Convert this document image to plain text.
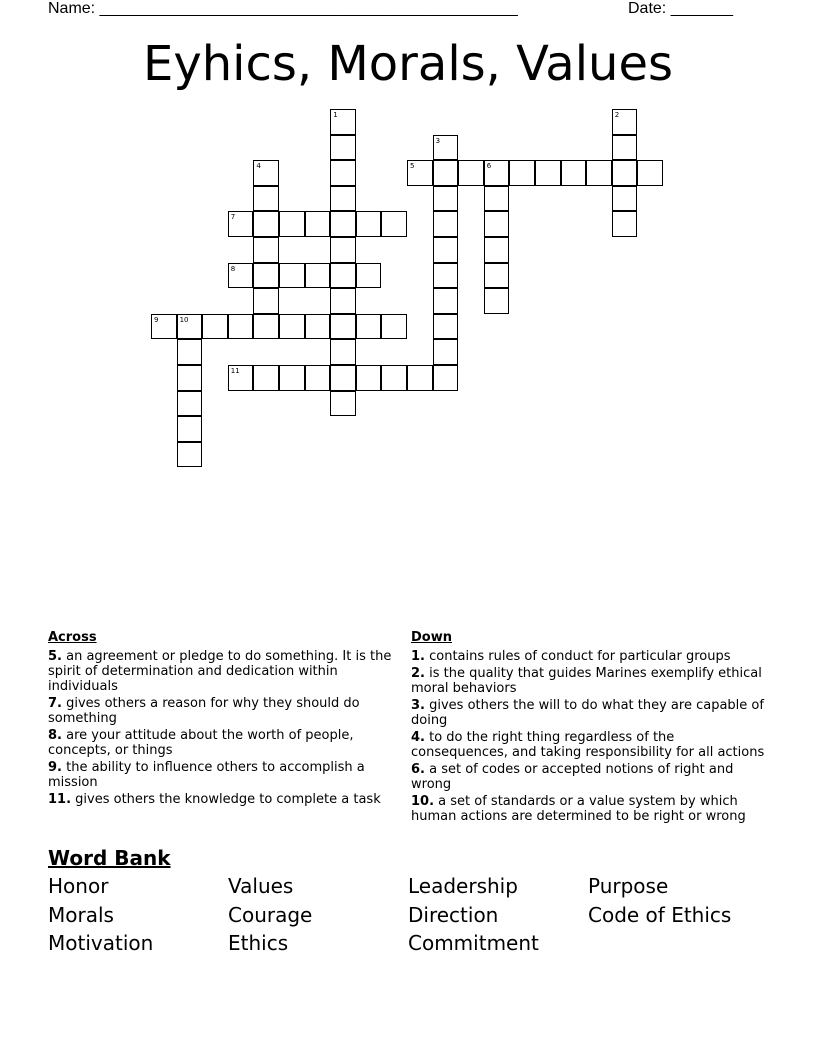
Name: _______________________________________________	Date: _______
Eyhics, Morals, Values
1	2
3
4	5	6
7
8
9	10
11
Across
5. an agreement or pledge to do something. It is the spirit of determination and dedication within individuals
7. gives others a reason for why they should do something
8. are your attitude about the worth of people, concepts, or things
9. the ability to influence others to accomplish a mission
11. gives others the knowledge to complete a task
Down
1. contains rules of conduct for particular groups
2. is the quality that guides Marines exemplify ethical moral behaviors
3. gives others the will to do what they are capable of doing
4. to do the right thing regardless of the consequences, and taking responsibility for all actions
6. a set of codes or accepted notions of right and wrong
10. a set of standards or a value system by which human actions are determined to be right or wrong
Word Bank
Honor
Morals
Motivation
Values
Courage
Ethics
Leadership
Direction
Commitment
Purpose
Code of Ethics
